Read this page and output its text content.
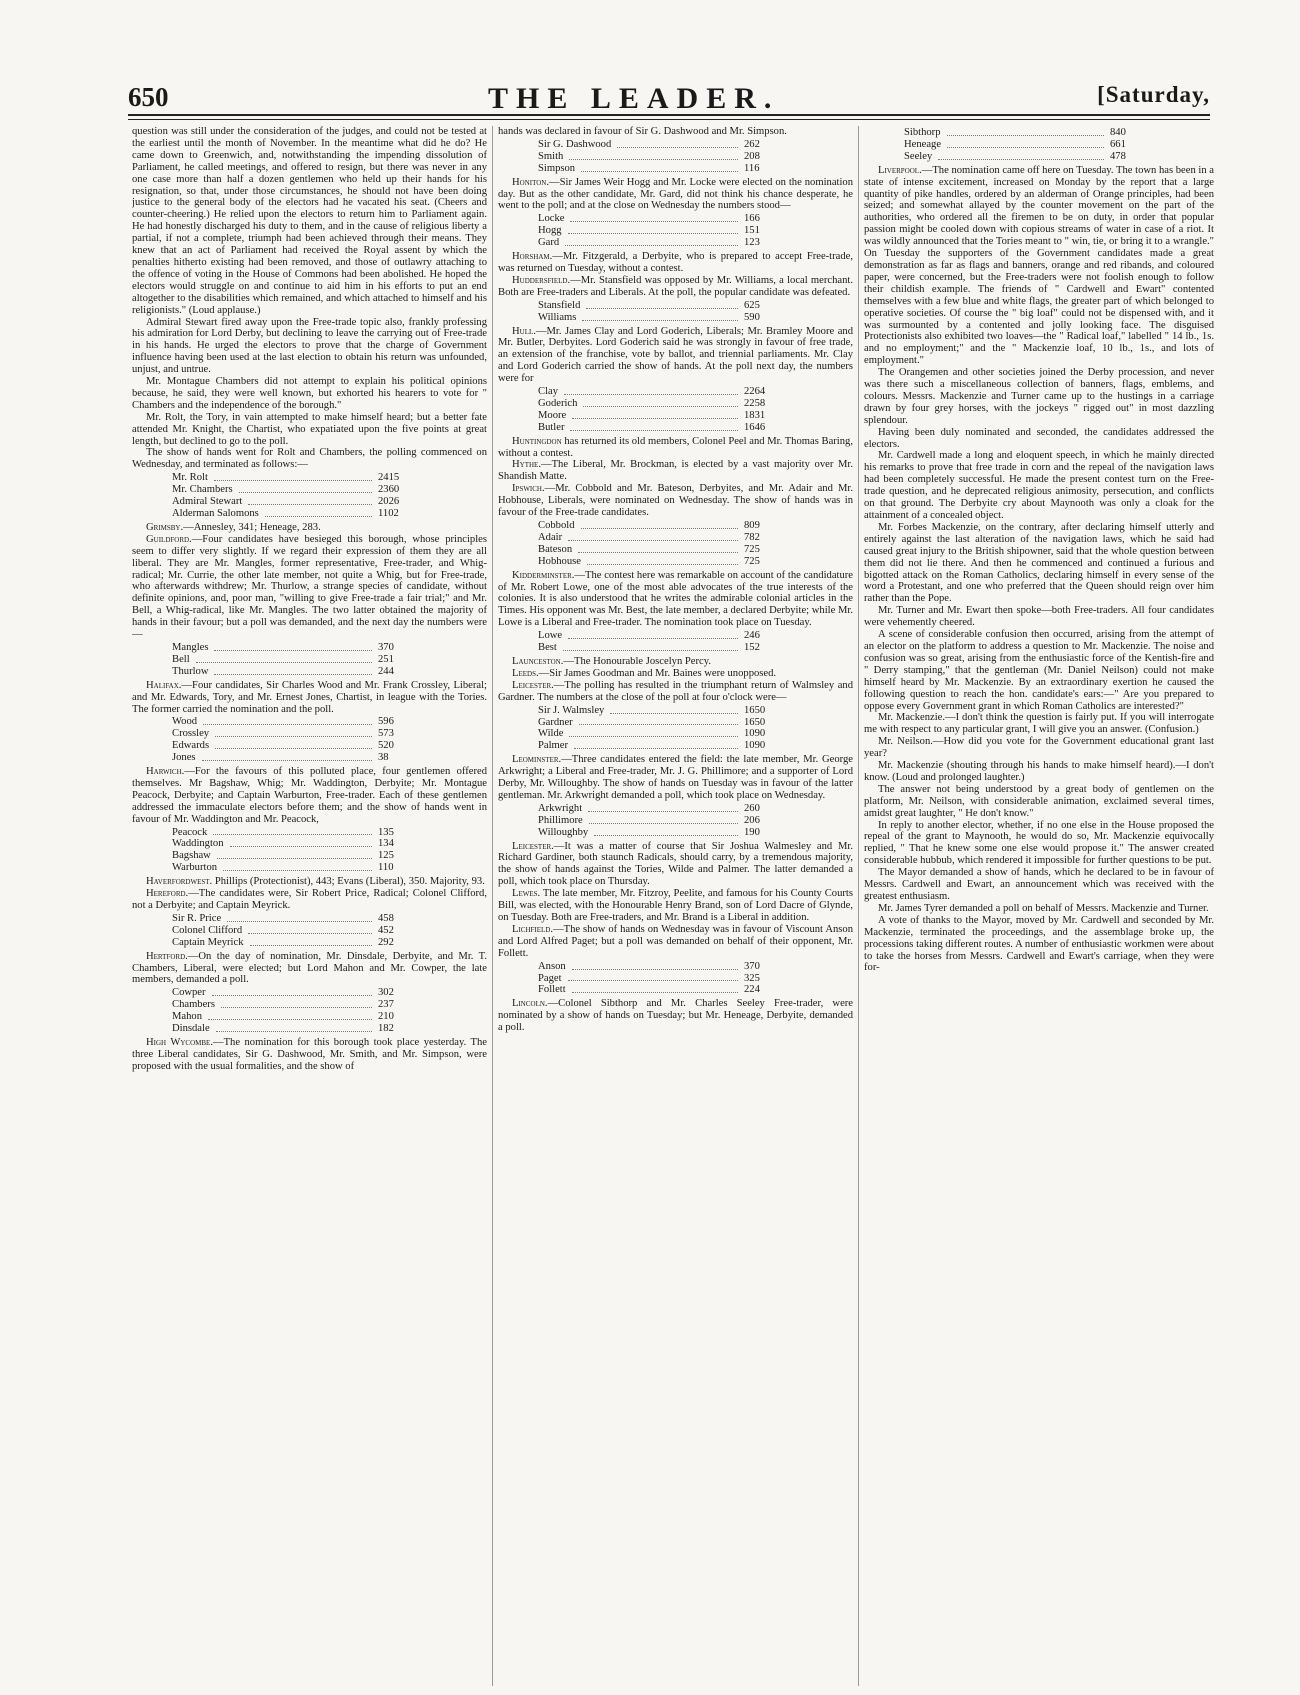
650	THE LEADER.	[Saturday,

question was still under the consideration of the judges, and could not be tested at the earliest until the month of November. In the meantime what did he do? He came down to Greenwich, and, notwithstanding the impending dissolution of Parliament, he called meetings, and offered to resign, but there was never in any one case more than half a dozen gentlemen who held up their hands for his resignation, so that, under those circumstances, he should not have been doing justice to the general body of the electors had he vacated his seat. (Cheers and counter-cheering.) He relied upon the electors to return him to Parliament again. He had honestly discharged his duty to them, and in the cause of religious liberty a partial, if not a complete, triumph had been achieved through their means. They knew that an act of Parliament had received the Royal assent by which the penalties hitherto existing had been removed, and those of outlawry attaching to the offence of voting in the House of Commons had been abolished. He hoped the electors would struggle on and continue to aid him in his efforts to put an end altogether to the disabilities which remained, and which attached to himself and his religionists." (Loud applause.)

Admiral Stewart fired away upon the Free-trade topic also, frankly professing his admiration for Lord Derby, but declining to leave the carrying out of Free-trade in his hands. He urged the electors to prove that the charge of Government influence having been used at the last election to obtain his return was unfounded, unjust, and untrue.

Mr. Montague Chambers did not attempt to explain his political opinions because, he said, they were well known, but exhorted his hearers to vote for " Chambers and the independence of the borough."

Mr. Rolt, the Tory, in vain attempted to make himself heard; but a better fate attended Mr. Knight, the Chartist, who expatiated upon the five points at great length, but declined to go to the poll.

The show of hands went for Rolt and Chambers, the polling commenced on Wednesday, and terminated as follows:—

Mr. Rolt	2415
Mr. Chambers	2360
Admiral Stewart	2026
Alderman Salomons	1102

Grimsby.—Annesley, 341; Heneage, 283.

Guildford.—Four candidates have besieged this borough, whose principles seem to differ very slightly. If we regard their expression of them they are all liberal. They are Mr. Mangles, former representative, Free-trader, and Whig-radical; Mr. Currie, the other late member, not quite a Whig, but for Free-trade, who afterwards withdrew; Mr. Thurlow, a strange species of candidate, without definite opinions, and, poor man, "willing to give Free-trade a fair trial;" and Mr. Bell, a Whig-radical, like Mr. Mangles. The two latter obtained the majority of hands in their favour; but a poll was demanded, and the next day the numbers were—

Mangles	370
Bell	251
Thurlow	244

Halifax.—Four candidates, Sir Charles Wood and Mr. Frank Crossley, Liberal; and Mr. Edwards, Tory, and Mr. Ernest Jones, Chartist, in league with the Tories. The former carried the nomination and the poll.

Wood	596
Crossley	573
Edwards	520
Jones	38

Harwich.—For the favours of this polluted place, four gentlemen offered themselves. Mr Bagshaw, Whig; Mr. Waddington, Derbyite; Mr. Montague Peacock, Derbyite; and Captain Warburton, Free-trader. Each of these gentlemen addressed the immaculate electors before them; and the show of hands went in favour of Mr. Waddington and Mr. Peacock,

Peacock	135
Waddington	134
Bagshaw	125
Warburton	110

Haverfordwest. Phillips (Protectionist), 443; Evans (Liberal), 350. Majority, 93.

Hereford.—The candidates were, Sir Robert Price, Radical; Colonel Clifford, not a Derbyite; and Captain Meyrick.

Sir R. Price	458
Colonel Clifford	452
Captain Meyrick	292

Hertford.—On the day of nomination, Mr. Dinsdale, Derbyite, and Mr. T. Chambers, Liberal, were elected; but Lord Mahon and Mr. Cowper, the late members, demanded a poll.

Cowper	302
Chambers	237
Mahon	210
Dinsdale	182

High Wycombe.—The nomination for this borough took place yesterday. The three Liberal candidates, Sir G. Dashwood, Mr. Smith, and Mr. Simpson, were proposed with the usual formalities, and the show of

hands was declared in favour of Sir G. Dashwood and Mr. Simpson.

Sir G. Dashwood	262
Smith	208
Simpson	116

Honiton.—Sir James Weir Hogg and Mr. Locke were elected on the nomination day. But as the other candidate, Mr. Gard, did not think his chance desperate, he went to the poll; and at the close on Wednesday the numbers stood—

Locke	166
Hogg	151
Gard	123

Horsham.—Mr. Fitzgerald, a Derbyite, who is prepared to accept Free-trade, was returned on Tuesday, without a contest.

Huddersfield.—Mr. Stansfield was opposed by Mr. Williams, a local merchant. Both are Free-traders and Liberals. At the poll, the popular candidate was defeated.

Stansfield	625
Williams	590

Hull.—Mr. James Clay and Lord Goderich, Liberals; Mr. Bramley Moore and Mr. Butler, Derbyites. Lord Goderich said he was strongly in favour of free trade, an extension of the franchise, vote by ballot, and triennial parliaments. Mr. Clay and Lord Goderich carried the show of hands. At the poll next day, the numbers were for

Clay	2264
Goderich	2258
Moore	1831
Butler	1646

Huntingdon has returned its old members, Colonel Peel and Mr. Thomas Baring, without a contest.

Hythe.—The Liberal, Mr. Brockman, is elected by a vast majority over Mr. Shandish Matte.

Ipswich.—Mr. Cobbold and Mr. Bateson, Derbyites, and Mr. Adair and Mr. Hobhouse, Liberals, were nominated on Wednesday. The show of hands was in favour of the Free-trade candidates.

Cobbold	809
Adair	782
Bateson	725
Hobhouse	725

Kidderminster.—The contest here was remarkable on account of the candidature of Mr. Robert Lowe, one of the most able advocates of the true interests of the colonies. It is also understood that he writes the admirable colonial articles in the Times. His opponent was Mr. Best, the late member, a declared Derbyite; while Mr. Lowe is a Liberal and Free-trader. The nomination took place on Tuesday.

Lowe	246
Best	152

Launceston.—The Honourable Joscelyn Percy.

Leeds.—Sir James Goodman and Mr. Baines were unopposed.

Leicester.—The polling has resulted in the triumphant return of Walmsley and Gardner. The numbers at the close of the poll at four o'clock were—

Sir J. Walmsley	1650
Gardner	1650
Wilde	1090
Palmer	1090

Leominster.—Three candidates entered the field: the late member, Mr. George Arkwright; a Liberal and Free-trader, Mr. J. G. Phillimore; and a supporter of Lord Derby, Mr. Willoughby. The show of hands on Tuesday was in favour of the latter gentleman. Mr. Arkwright demanded a poll, which took place on Wednesday.

Arkwright	260
Phillimore	206
Willoughby	190

Leicester.—It was a matter of course that Sir Joshua Walmesley and Mr. Richard Gardiner, both staunch Radicals, should carry, by a tremendous majority, the show of hands against the Tories, Wilde and Palmer. The latter demanded a poll, which took place on Thursday.

Lewes. The late member, Mr. Fitzroy, Peelite, and famous for his County Courts Bill, was elected, with the Honourable Henry Brand, son of Lord Dacre of Glynde, on Tuesday. Both are Free-traders, and Mr. Brand is a Liberal in addition.

Lichfield.—The show of hands on Wednesday was in favour of Viscount Anson and Lord Alfred Paget; but a poll was demanded on behalf of their opponent, Mr. Follett.

Anson	370
Paget	325
Follett	224

Lincoln.—Colonel Sibthorp and Mr. Charles Seeley Free-trader, were nominated by a show of hands on Tuesday; but Mr. Heneage, Derbyite, demanded a poll.

Sibthorp	840
Heneage	661
Seeley	478

Liverpool.—The nomination came off here on Tuesday. The town has been in a state of intense excitement, increased on Monday by the report that a large quantity of pike handles, ordered by an alderman of Orange principles, had been seized; and somewhat allayed by the counter movement on the part of the authorities, who ordered all the firemen to be on duty, in order that popular passion might be cooled down with copious streams of water in case of a riot. It was wildly announced that the Tories meant to " win, tie, or bring it to a wrangle." On Tuesday the supporters of the Government candidates made a great demonstration as far as flags and banners, orange and red ribands, and coloured paper, were concerned, but the Free-traders were not foolish enough to follow their childish example. The friends of " Cardwell and Ewart" contented themselves with a few blue and white flags, the greater part of which belonged to operative societies. Of course the " big loaf" could not be dispensed with, and it was surmounted by a contented and jolly looking face. The disguised Protectionists also exhibited two loaves—the " Radical loaf," labelled " 14 lb., 1s. and no employment;" and the " Mackenzie loaf, 10 lb., 1s., and lots of employment."

The Orangemen and other societies joined the Derby procession, and never was there such a miscellaneous collection of banners, flags, emblems, and colours. Messrs. Mackenzie and Turner came up to the hustings in a carriage drawn by four grey horses, with the jockeys " rigged out" in most dazzling splendour.

Having been duly nominated and seconded, the candidates addressed the electors.

Mr. Cardwell made a long and eloquent speech, in which he mainly directed his remarks to prove that free trade in corn and the repeal of the navigation laws had been completely successful. He made the present contest turn on the Free-trade question, and he deprecated religious animosity, persecution, and conflicts on that ground. The Derbyite cry about Maynooth was only a cloak for the attainment of a concealed object.

Mr. Forbes Mackenzie, on the contrary, after declaring himself utterly and entirely against the last alteration of the navigation laws, which he said had caused great injury to the British shipowner, said that the whole question between them did not lie there. And then he commenced and continued a furious and bigotted attack on the Roman Catholics, declaring himself in every sense of the word a Protestant, and one who preferred that the Queen should reign over him rather than the Pope.

Mr. Turner and Mr. Ewart then spoke—both Free-traders. All four candidates were vehemently cheered.

A scene of considerable confusion then occurred, arising from the attempt of an elector on the platform to address a question to Mr. Mackenzie. The noise and confusion was so great, arising from the enthusiastic force of the Kentish-fire and " Derry stamping," that the gentleman (Mr. Daniel Neilson) could not make himself heard by Mr. Mackenzie. By an extraordinary exertion he caused the following question to reach the hon. candidate's ears:—" Are you prepared to oppose every Government grant in which Roman Catholics are interested?"

Mr. Mackenzie.—I don't think the question is fairly put. If you will interrogate me with respect to any particular grant, I will give you an answer. (Confusion.)

Mr. Neilson.—How did you vote for the Government educational grant last year?

Mr. Mackenzie (shouting through his hands to make himself heard).—I don't know. (Loud and prolonged laughter.)

The answer not being understood by a great body of gentlemen on the platform, Mr. Neilson, with considerable animation, exclaimed several times, amidst great laughter, " He don't know."

In reply to another elector, whether, if no one else in the House proposed the repeal of the grant to Maynooth, he would do so, Mr. Mackenzie equivocally replied, " That he knew some one else would propose it." The answer created considerable hubbub, which rendered it impossible for further questions to be put.

The Mayor demanded a show of hands, which he declared to be in favour of Messrs. Cardwell and Ewart, an announcement which was received with the greatest enthusiasm.

Mr. James Tyrer demanded a poll on behalf of Messrs. Mackenzie and Turner.

A vote of thanks to the Mayor, moved by Mr. Cardwell and seconded by Mr. Mackenzie, terminated the proceedings, and the assemblage broke up, the processions taking different routes. A number of enthusiastic workmen were about to take the horses from Messrs. Cardwell and Ewart's carriage, when they were for-
